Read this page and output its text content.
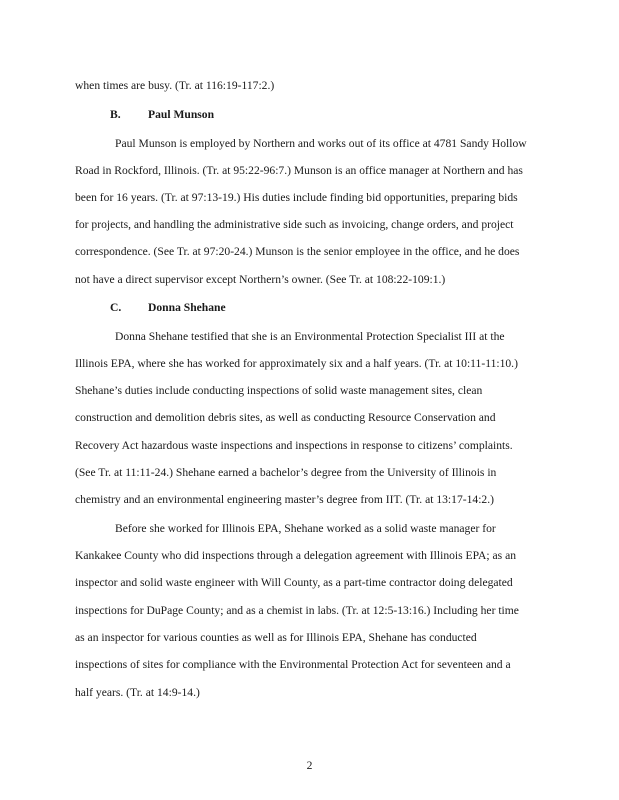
when times are busy. (Tr. at 116:19-117:2.)
B. Paul Munson
Paul Munson is employed by Northern and works out of its office at 4781 Sandy Hollow
Road in Rockford, Illinois. (Tr. at 95:22-96:7.) Munson is an office manager at Northern and has
been for 16 years. (Tr. at 97:13-19.) His duties include finding bid opportunities, preparing bids
for projects, and handling the administrative side such as invoicing, change orders, and project
correspondence. (See Tr. at 97:20-24.) Munson is the senior employee in the office, and he does
not have a direct supervisor except Northern’s owner. (See Tr. at 108:22-109:1.)
C. Donna Shehane
Donna Shehane testified that she is an Environmental Protection Specialist III at the
Illinois EPA, where she has worked for approximately six and a half years. (Tr. at 10:11-11:10.)
Shehane’s duties include conducting inspections of solid waste management sites, clean
construction and demolition debris sites, as well as conducting Resource Conservation and
Recovery Act hazardous waste inspections and inspections in response to citizens’ complaints.
(See Tr. at 11:11-24.) Shehane earned a bachelor’s degree from the University of Illinois in
chemistry and an environmental engineering master’s degree from IIT. (Tr. at 13:17-14:2.)
Before she worked for Illinois EPA, Shehane worked as a solid waste manager for
Kankakee County who did inspections through a delegation agreement with Illinois EPA; as an
inspector and solid waste engineer with Will County, as a part-time contractor doing delegated
inspections for DuPage County; and as a chemist in labs. (Tr. at 12:5-13:16.) Including her time
as an inspector for various counties as well as for Illinois EPA, Shehane has conducted
inspections of sites for compliance with the Environmental Protection Act for seventeen and a
half years. (Tr. at 14:9-14.)
2
